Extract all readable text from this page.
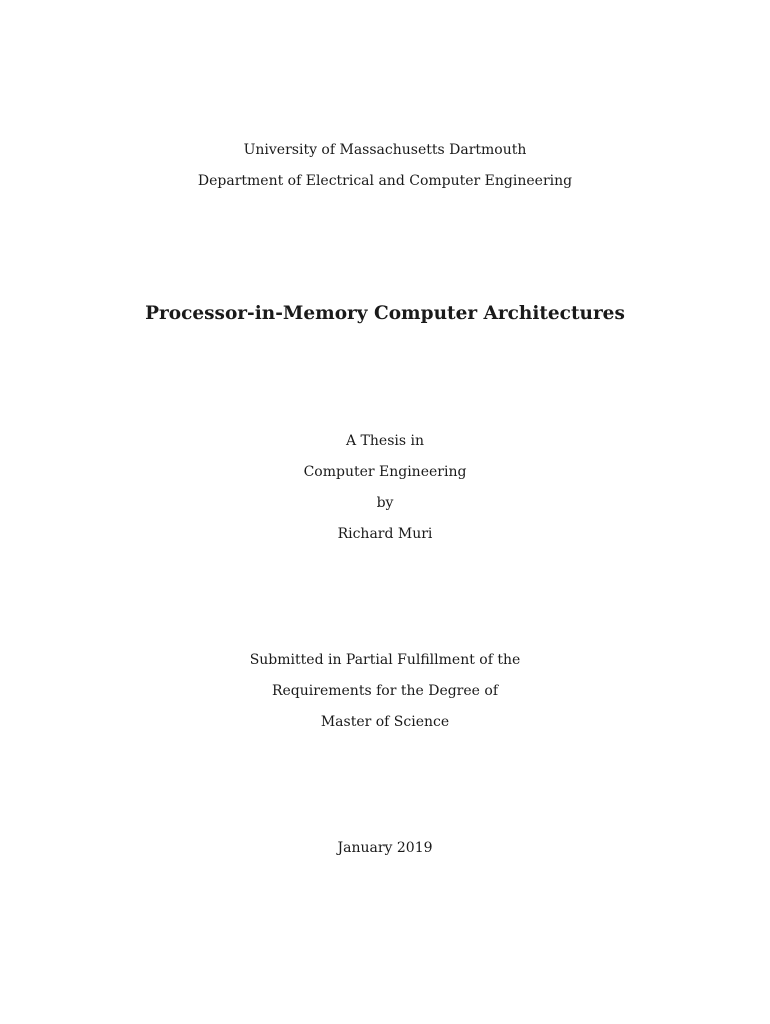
University of Massachusetts Dartmouth
Department of Electrical and Computer Engineering
Processor-in-Memory Computer Architectures
A Thesis in
Computer Engineering
by
Richard Muri
Submitted in Partial Fulfillment of the
Requirements for the Degree of
Master of Science
January 2019
